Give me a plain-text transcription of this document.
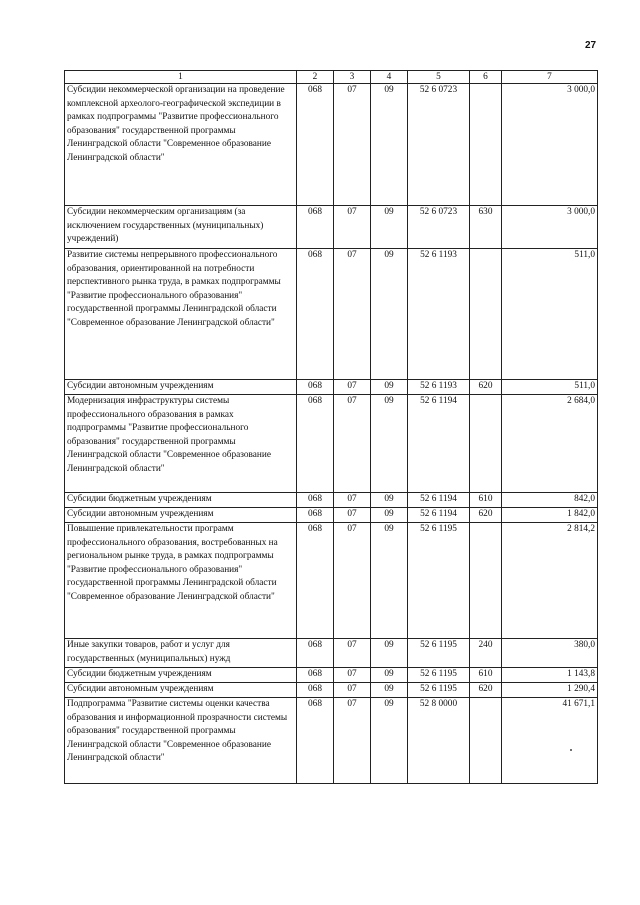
27
1	2	3	4	5	6	7
Субсидии некоммерческой организации на проведение комплексной археолого-географической экспедиции в рамках подпрограммы "Развитие профессионального образования" государственной программы Ленинградской области "Современное образование Ленинградской области"	068	07	09	52 6 0723		3 000,0
Субсидии некоммерческим организациям (за исключением государственных (муниципальных) учреждений)	068	07	09	52 6 0723	630	3 000,0
Развитие системы непрерывного профессионального образования, ориентированной на потребности перспективного рынка труда, в рамках подпрограммы "Развитие профессионального образования" государственной программы Ленинградской области "Современное образование Ленинградской области"	068	07	09	52 6 1193		511,0
Субсидии автономным учреждениям	068	07	09	52 6 1193	620	511,0
Модернизация инфраструктуры системы профессионального образования в рамках подпрограммы "Развитие профессионального образования" государственной программы Ленинградской области "Современное образование Ленинградской области"	068	07	09	52 6 1194		2 684,0
Субсидии бюджетным учреждениям	068	07	09	52 6 1194	610	842,0
Субсидии автономным учреждениям	068	07	09	52 6 1194	620	1 842,0
Повышение привлекательности программ профессионального образования, востребованных на региональном рынке труда, в рамках подпрограммы "Развитие профессионального образования" государственной программы Ленинградской области "Современное образование Ленинградской области"	068	07	09	52 6 1195		2 814,2
Иные закупки товаров, работ и услуг для государственных (муниципальных) нужд	068	07	09	52 6 1195	240	380,0
Субсидии бюджетным учреждениям	068	07	09	52 6 1195	610	1 143,8
Субсидии автономным учреждениям	068	07	09	52 6 1195	620	1 290,4
Подпрограмма "Развитие системы оценки качества образования и информационной прозрачности системы образования" государственной программы Ленинградской области "Современное образование Ленинградской области"	068	07	09	52 8 0000		41 671,1
